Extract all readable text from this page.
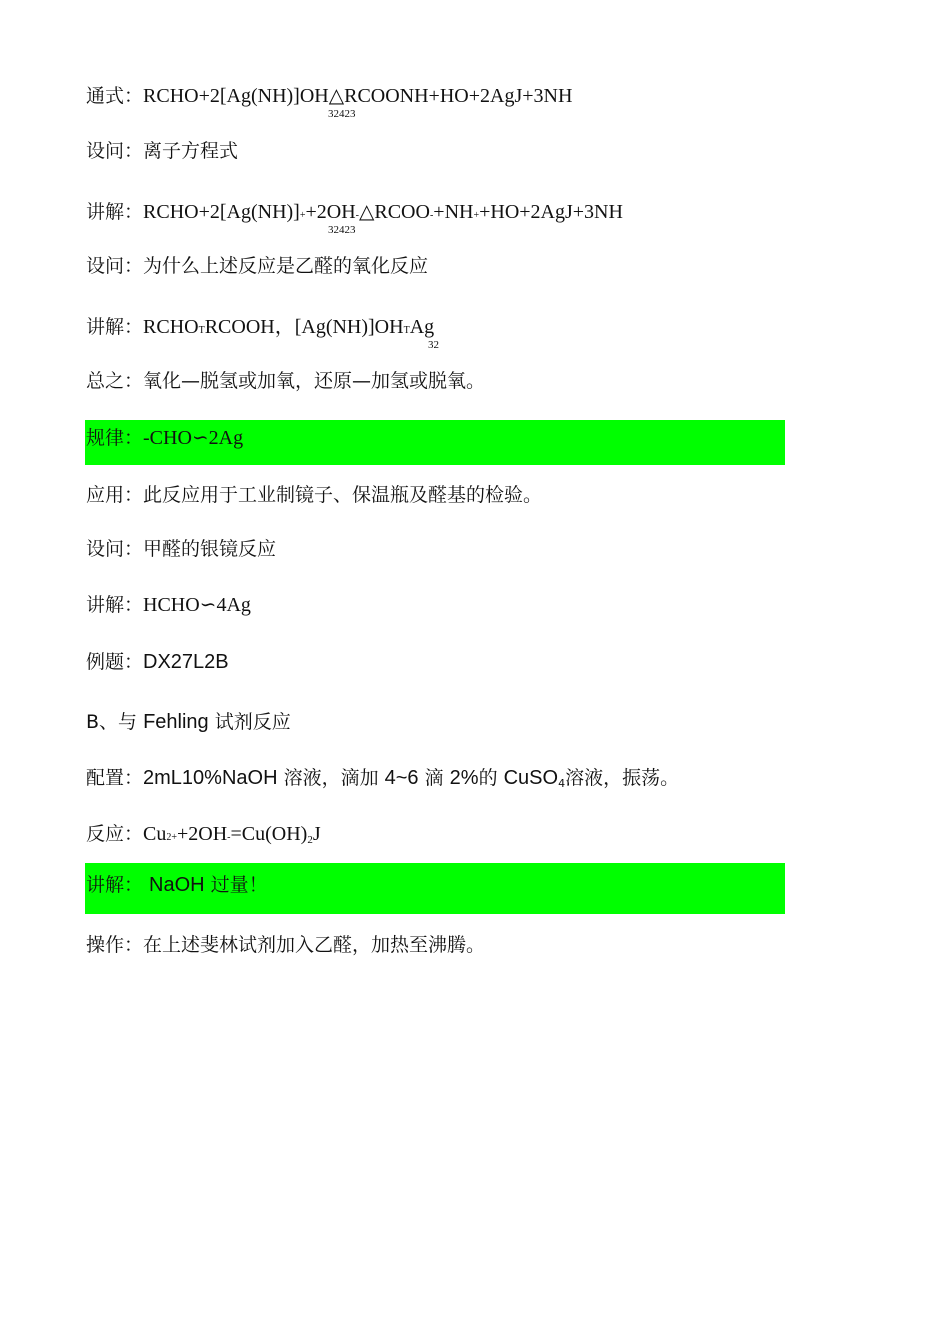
通式：RCHO+2[Ag(NH)]OH△RCOONH+HO+2AgJ+3NH
32423
设问：离子方程式
讲解：RCHO+2[Ag(NH)]++2OH-△RCOO-+NH++HO+2AgJ+3NH
32423
设问：为什么上述反应是乙醛的氧化反应
讲解：RCHOTRCOOH，[Ag(NH)]OHTAg
32
总之：氧化—脱氢或加氧，还原—加氢或脱氧。
规律：-CHO∽2Ag
应用：此反应用于工业制镜子、保温瓶及醛基的检验。
设问：甲醛的银镜反应
讲解：HCHO∽4Ag
例题：DX27L2B
B、与 Fehling 试剂反应
配置：2mL10%NaOH 溶液，滴加 4~6 滴 2%的 CuSO4溶液，振荡。
反应：Cu2++2OH-=Cu(OH)2J
讲解： NaOH 过量！
操作：在上述斐林试剂加入乙醛，加热至沸腾。
